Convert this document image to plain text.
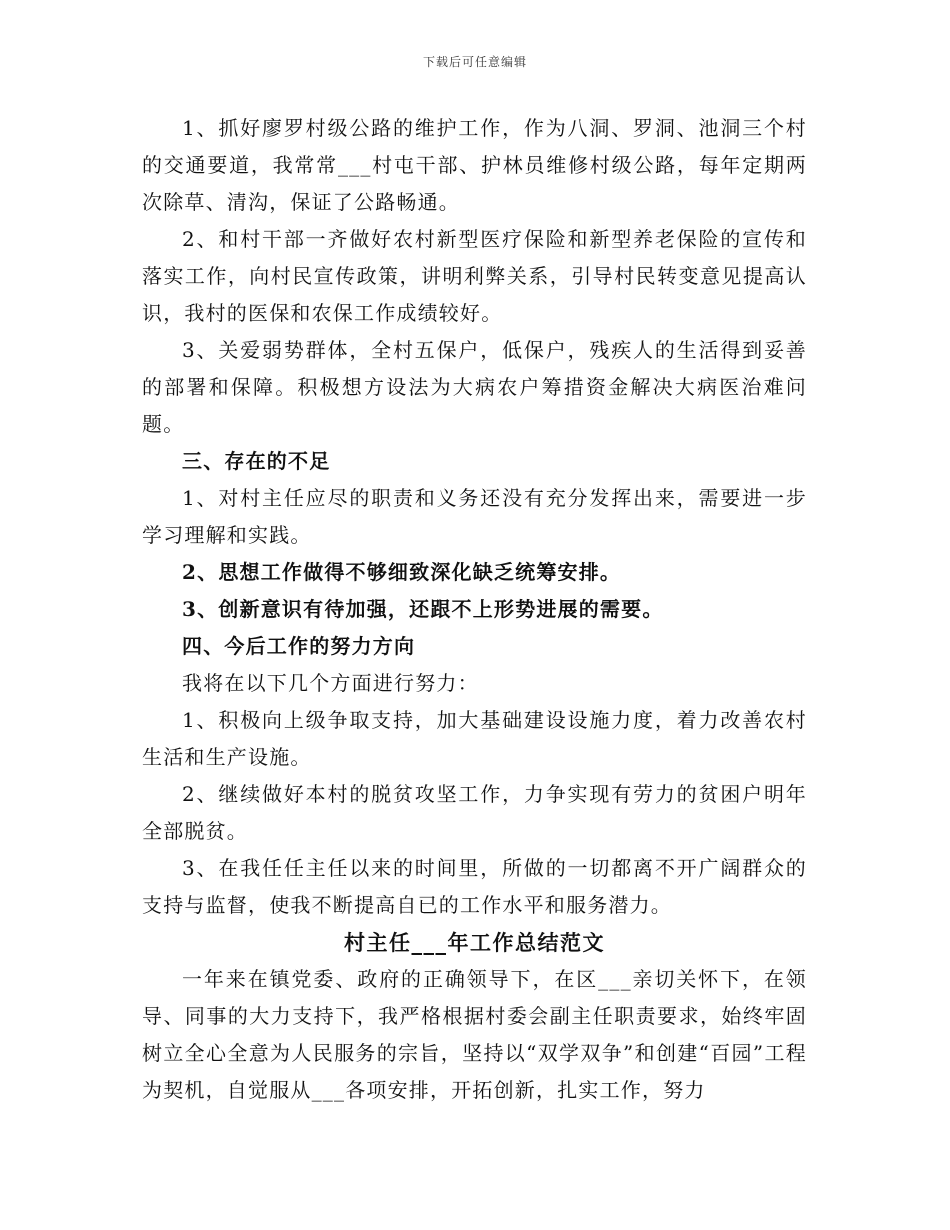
下载后可任意编辑

1、抓好廖罗村级公路的维护工作，作为八洞、罗洞、池洞三个村的交通要道，我常常___村屯干部、护林员维修村级公路，每年定期两次除草、清沟，保证了公路畅通。

2、和村干部一齐做好农村新型医疗保险和新型养老保险的宣传和落实工作，向村民宣传政策，讲明利弊关系，引导村民转变意见提高认识，我村的医保和农保工作成绩较好。

3、关爱弱势群体，全村五保户，低保户，残疾人的生活得到妥善的部署和保障。积极想方设法为大病农户筹措资金解决大病医治难问题。

三、存在的不足

1、对村主任应尽的职责和义务还没有充分发挥出来，需要进一步学习理解和实践。

2、思想工作做得不够细致深化缺乏统筹安排。

3、创新意识有待加强，还跟不上形势进展的需要。

四、今后工作的努力方向

我将在以下几个方面进行努力：

1、积极向上级争取支持，加大基础建设设施力度，着力改善农村生活和生产设施。

2、继续做好本村的脱贫攻坚工作，力争实现有劳力的贫困户明年全部脱贫。

3、在我任任主任以来的时间里，所做的一切都离不开广阔群众的支持与监督，使我不断提高自已的工作水平和服务潜力。

村主任___年工作总结范文

一年来在镇党委、政府的正确领导下，在区___亲切关怀下，在领导、同事的大力支持下，我严格根据村委会副主任职责要求，始终牢固树立全心全意为人民服务的宗旨，坚持以“双学双争”和创建“百园”工程为契机，自觉服从___各项安排，开拓创新，扎实工作，努力
